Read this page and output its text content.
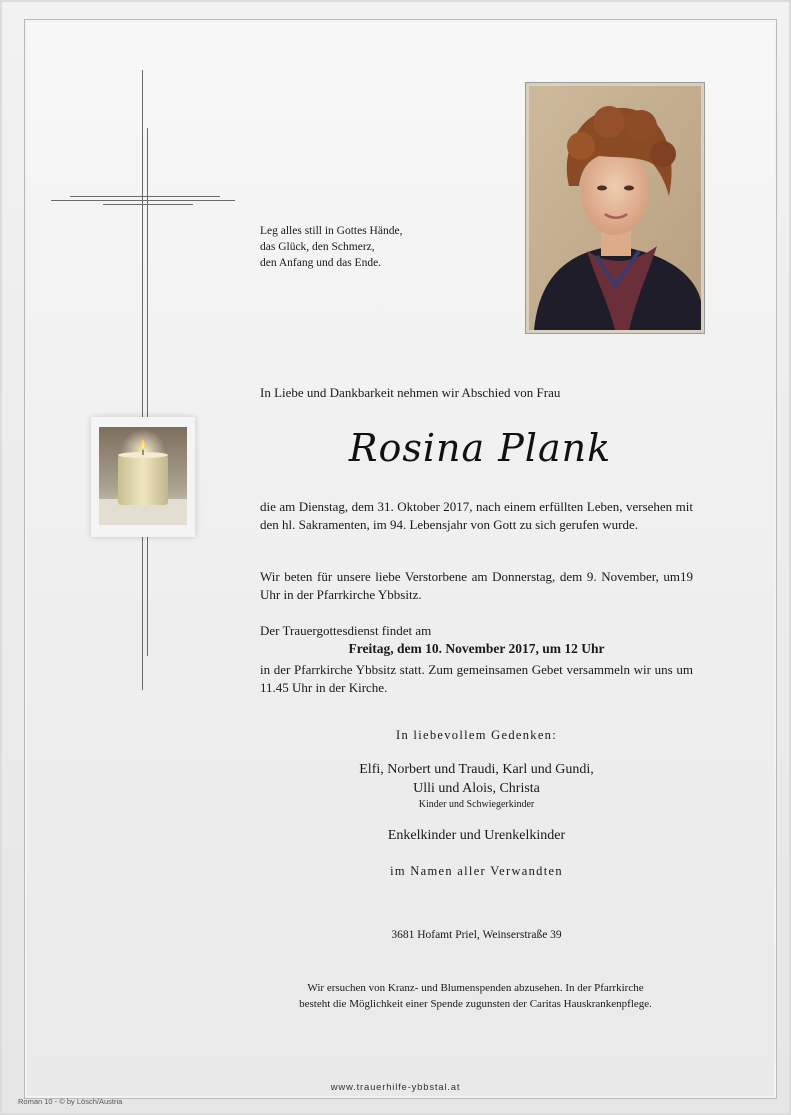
Leg alles still in Gottes Hände,
das Glück, den Schmerz,
den Anfang und das Ende.
In Liebe und Dankbarkeit nehmen wir Abschied von Frau
Rosina Plank
die am Dienstag, dem 31. Oktober 2017, nach einem erfüllten Leben, versehen mit den hl. Sakramenten, im 94. Lebensjahr von Gott zu sich gerufen wurde.
Wir beten für unsere liebe Verstorbene am Donnerstag, dem 9. November, um19 Uhr in der Pfarrkirche Ybbsitz.
Der Trauergottesdienst findet am
Freitag, dem 10. November 2017, um 12 Uhr
in der Pfarrkirche Ybbsitz statt. Zum gemeinsamen Gebet versammeln wir uns um 11.45 Uhr in der Kirche.
In liebevollem Gedenken:
Elfi, Norbert und Traudi, Karl und Gundi,
Ulli und Alois, Christa
Kinder und Schwiegerkinder
Enkelkinder und Urenkelkinder
im Namen aller Verwandten
3681 Hofamt Priel, Weinserstraße 39
Wir ersuchen von Kranz- und Blumenspenden abzusehen. In der Pfarrkirche
besteht die Möglichkeit einer Spende zugunsten der Caritas Hauskrankenpflege.
www.trauerhilfe-ybbstal.at
Roman 10 - © by Lösch/Austria
